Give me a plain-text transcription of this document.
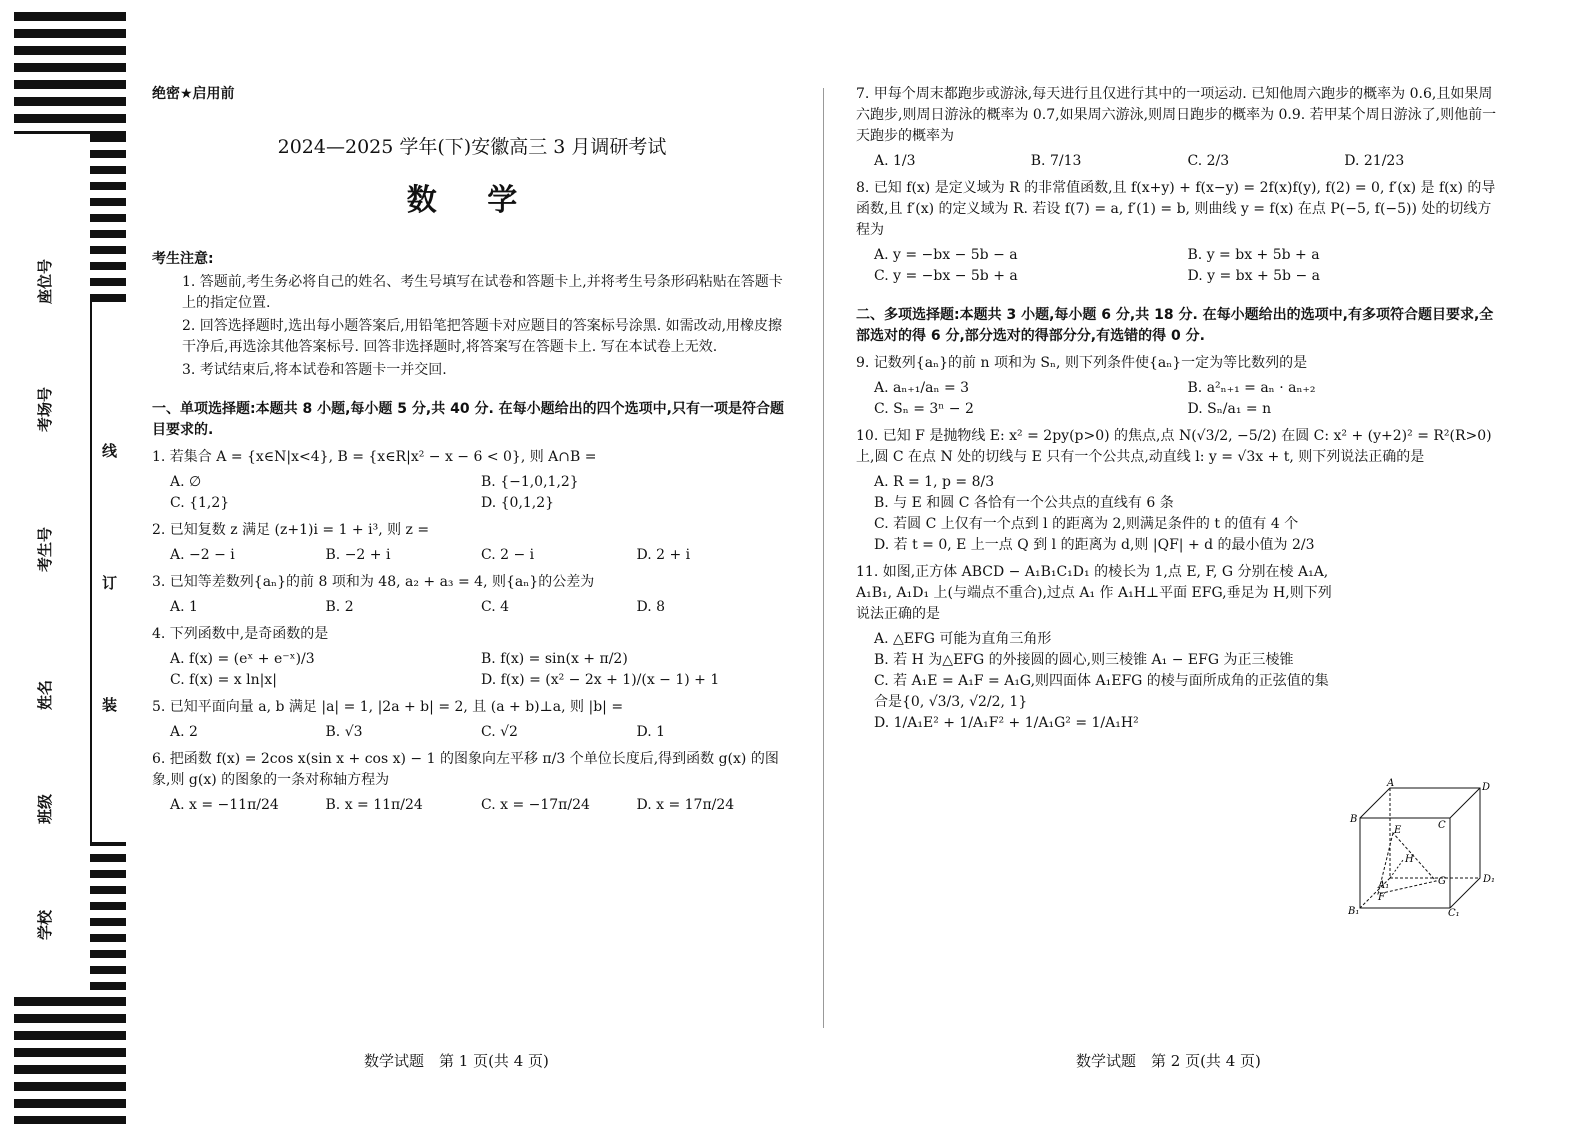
座位号
考场号
考生号
姓名
班级
学校
线
订
装
绝密★启用前
2024—2025 学年(下)安徽高三 3 月调研考试
数 学
考生注意:
1. 答题前,考生务必将自己的姓名、考生号填写在试卷和答题卡上,并将考生号条形码粘贴在答题卡上的指定位置.
2. 回答选择题时,选出每小题答案后,用铅笔把答题卡对应题目的答案标号涂黑. 如需改动,用橡皮擦干净后,再选涂其他答案标号. 回答非选择题时,将答案写在答题卡上. 写在本试卷上无效.
3. 考试结束后,将本试卷和答题卡一并交回.
一、单项选择题:本题共 8 小题,每小题 5 分,共 40 分. 在每小题给出的四个选项中,只有一项是符合题目要求的.
1. 若集合 A = {x∈N|x<4}, B = {x∈R|x² − x − 6 < 0}, 则 A∩B =
A. ∅	B. {−1,0,1,2}
C. {1,2}	D. {0,1,2}
2. 已知复数 z 满足 (z+1)i = 1 + i³, 则 z =
A. −2 − i	B. −2 + i	C. 2 − i	D. 2 + i
3. 已知等差数列{aₙ}的前 8 项和为 48, a₂ + a₃ = 4, 则{aₙ}的公差为
A. 1	B. 2	C. 4	D. 8
4. 下列函数中,是奇函数的是
A. f(x) = (eˣ + e⁻ˣ)/3	B. f(x) = sin(x + π/2)
C. f(x) = x ln|x|	D. f(x) = (x² − 2x + 1)/(x − 1) + 1
5. 已知平面向量 a, b 满足 |a| = 1, |2a + b| = 2, 且 (a + b)⊥a, 则 |b| =
A. 2	B. √3	C. √2	D. 1
6. 把函数 f(x) = 2cos x(sin x + cos x) − 1 的图象向左平移 π/3 个单位长度后,得到函数 g(x) 的图象,则 g(x) 的图象的一条对称轴方程为
A. x = −11π/24	B. x = 11π/24	C. x = −17π/24	D. x = 17π/24
7. 甲每个周末都跑步或游泳,每天进行且仅进行其中的一项运动. 已知他周六跑步的概率为 0.6,且如果周六跑步,则周日游泳的概率为 0.7,如果周六游泳,则周日跑步的概率为 0.9. 若甲某个周日游泳了,则他前一天跑步的概率为
A. 1/3	B. 7/13	C. 2/3	D. 21/23
8. 已知 f(x) 是定义域为 R 的非常值函数,且 f(x+y) + f(x−y) = 2f(x)f(y), f(2) = 0, f′(x) 是 f(x) 的导函数,且 f′(x) 的定义域为 R. 若设 f(7) = a, f′(1) = b, 则曲线 y = f(x) 在点 P(−5, f(−5)) 处的切线方程为
A. y = −bx − 5b − a	B. y = bx + 5b + a
C. y = −bx − 5b + a	D. y = bx + 5b − a
二、多项选择题:本题共 3 小题,每小题 6 分,共 18 分. 在每小题给出的选项中,有多项符合题目要求,全部选对的得 6 分,部分选对的得部分分,有选错的得 0 分.
9. 记数列{aₙ}的前 n 项和为 Sₙ, 则下列条件使{aₙ}一定为等比数列的是
A. aₙ₊₁/aₙ = 3	B. a²ₙ₊₁ = aₙ · aₙ₊₂
C. Sₙ = 3ⁿ − 2	D. Sₙ/a₁ = n
10. 已知 F 是抛物线 E: x² = 2py(p>0) 的焦点,点 N(√3/2, −5/2) 在圆 C: x² + (y+2)² = R²(R>0) 上,圆 C 在点 N 处的切线与 E 只有一个公共点,动直线 l: y = √3x + t, 则下列说法正确的是
A. R = 1, p = 8/3
B. 与 E 和圆 C 各恰有一个公共点的直线有 6 条
C. 若圆 C 上仅有一个点到 l 的距离为 2,则满足条件的 t 的值有 4 个
D. 若 t = 0, E 上一点 Q 到 l 的距离为 d,则 |QF| + d 的最小值为 2/3
11. 如图,正方体 ABCD − A₁B₁C₁D₁ 的棱长为 1,点 E, F, G 分别在棱 A₁A, A₁B₁, A₁D₁ 上(与端点不重合),过点 A₁ 作 A₁H⊥平面 EFG,垂足为 H,则下列说法正确的是
A. △EFG 可能为直角三角形
B. 若 H 为△EFG 的外接圆的圆心,则三棱锥 A₁ − EFG 为正三棱锥
C. 若 A₁E = A₁F = A₁G,则四面体 A₁EFG 的棱与面所成角的正弦值的集合是{0, √3/3, √2/2, 1}
D. 1/A₁E² + 1/A₁F² + 1/A₁G² = 1/A₁H²
A	D
B
C
E
H
A₁	G	D₁
F
B₁	C₁
数学试题　第 1 页(共 4 页)	数学试题　第 2 页(共 4 页)
